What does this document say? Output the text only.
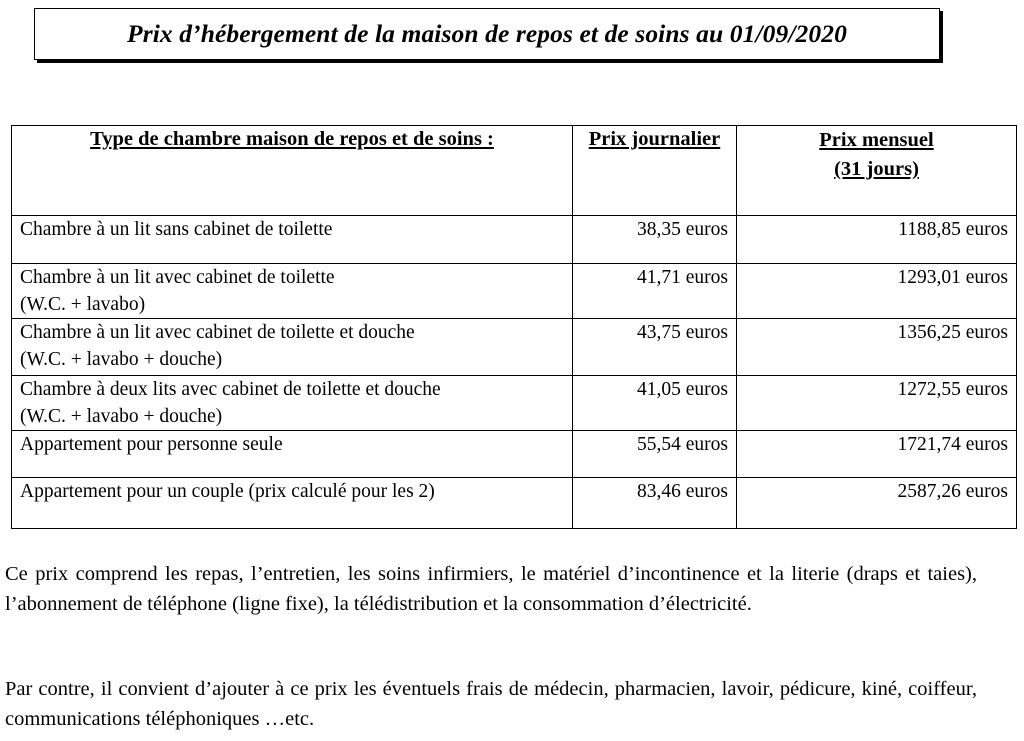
Prix d’hébergement de la maison de repos et de soins au 01/09/2020
Type de chambre maison de repos et de soins :	Prix journalier	Prix mensuel
(31 jours)

Chambre à un lit sans cabinet de toilette	38,35 euros	1188,85 euros

Chambre à un lit avec cabinet de toilette
(W.C. + lavabo)	41,71 euros	1293,01 euros

Chambre à un lit avec cabinet de toilette et douche
(W.C. + lavabo + douche)	43,75 euros	1356,25 euros

Chambre à deux lits avec cabinet de toilette et douche
(W.C. + lavabo + douche)	41,05 euros	1272,55 euros
Appartement pour personne seule	55,54 euros	1721,74 euros
Appartement pour un couple (prix calculé pour les 2)	83,46 euros	2587,26 euros

Ce prix comprend les repas, l’entretien, les soins infirmiers, le matériel d’incontinence et la literie (draps et taies), l’abonnement de téléphone (ligne fixe), la télédistribution et la consommation d’électricité.

Par contre, il convient d’ajouter à ce prix les éventuels frais de médecin, pharmacien, lavoir, pédicure, kiné, coiffeur, communications téléphoniques …etc.
